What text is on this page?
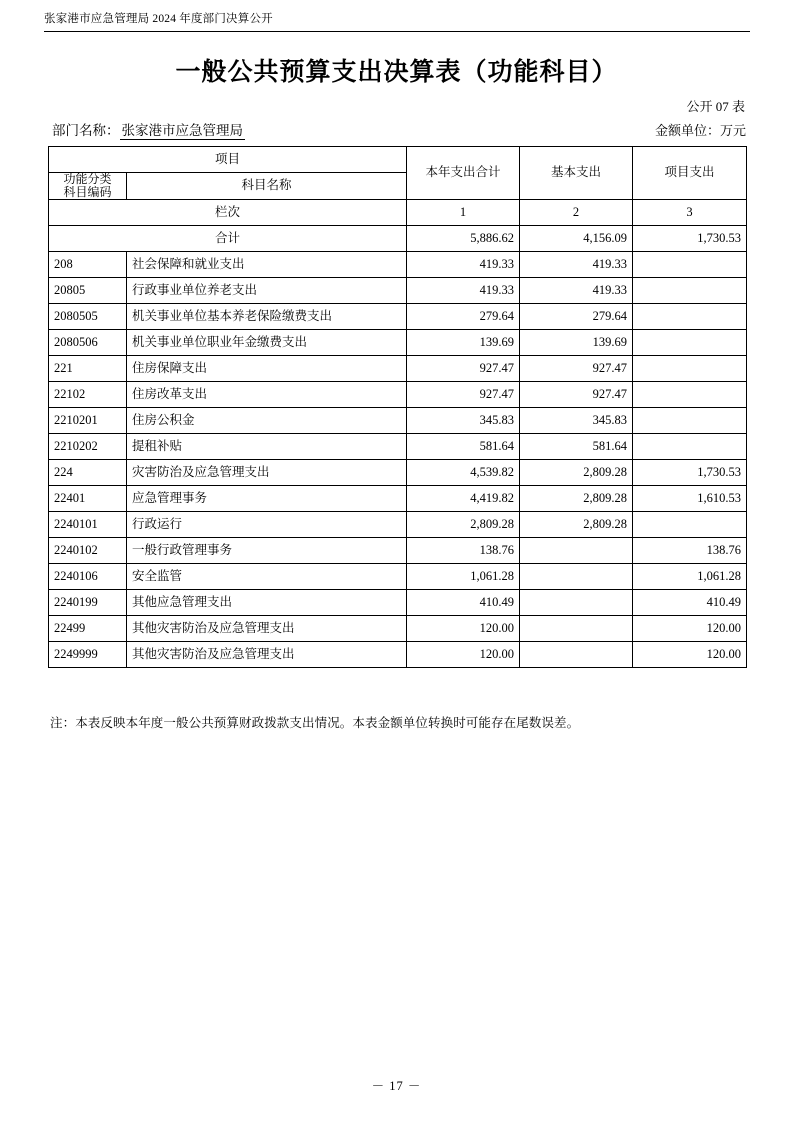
张家港市应急管理局 2024 年度部门决算公开
一般公共预算支出决算表（功能科目）
公开 07 表
部门名称： 张家港市应急管理局	金额单位：万元
项目		本年支出合计	基本支出	项目支出

功能分类
科目编码	科目名称			
栏次		1	2	3
合计		5,886.62	4,156.09	1,730.53
208	社会保障和就业支出	419.33	419.33	
20805	行政事业单位养老支出	419.33	419.33	
2080505	机关事业单位基本养老保险缴费支出	279.64	279.64	
2080506	机关事业单位职业年金缴费支出	139.69	139.69	
221	住房保障支出	927.47	927.47	
22102	住房改革支出	927.47	927.47	
2210201	住房公积金	345.83	345.83	
2210202	提租补贴	581.64	581.64	
224	灾害防治及应急管理支出	4,539.82	2,809.28	1,730.53
22401	应急管理事务	4,419.82	2,809.28	1,610.53
2240101	行政运行	2,809.28	2,809.28	
2240102	一般行政管理事务	138.76		138.76
2240106	安全监管	1,061.28		1,061.28
2240199	其他应急管理支出	410.49		410.49
22499	其他灾害防治及应急管理支出	120.00		120.00
2249999	其他灾害防治及应急管理支出	120.00		120.00
注：本表反映本年度一般公共预算财政拨款支出情况。本表金额单位转换时可能存在尾数误差。
－ 17 －
